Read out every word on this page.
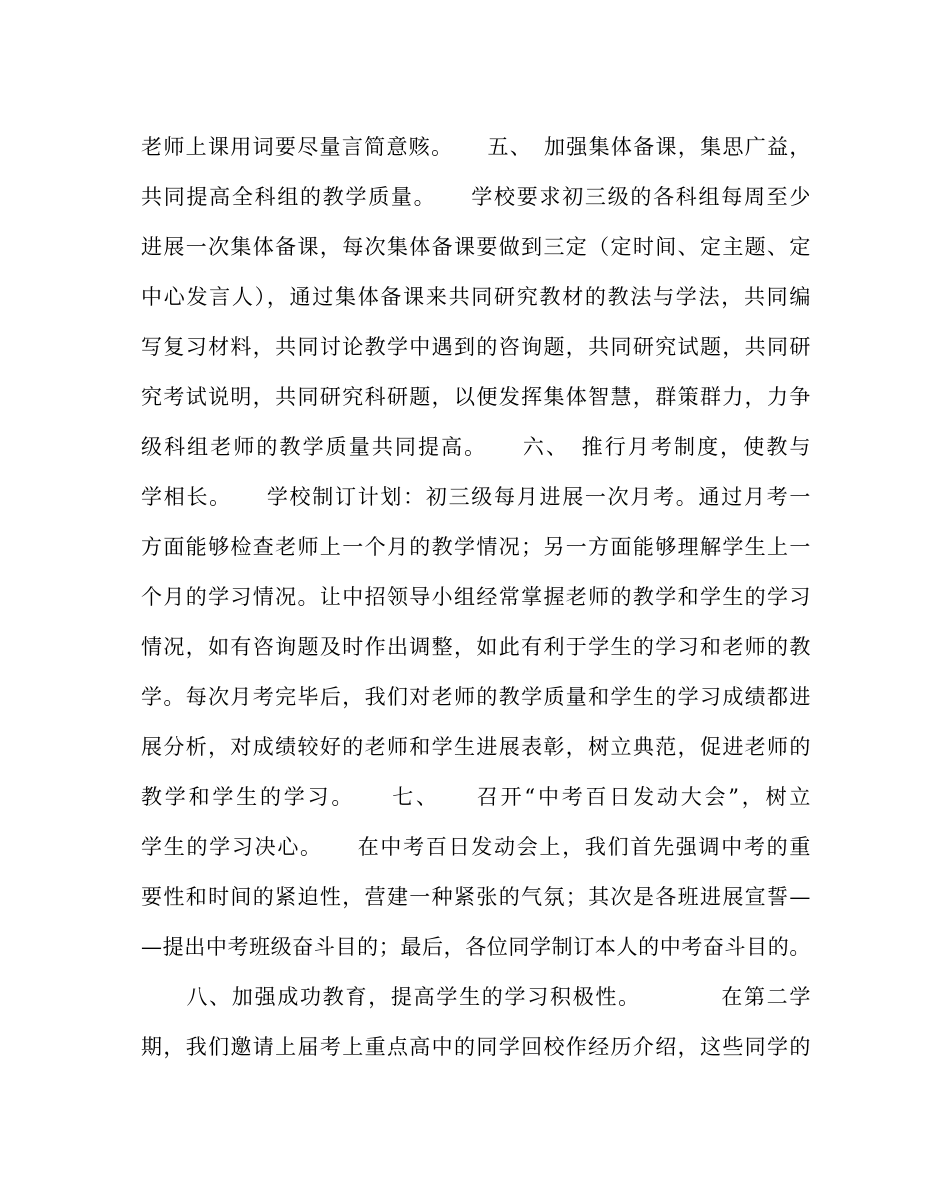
老师上课用词要尽量言简意赅。　　五、　加强集体备课，集思广益，
共同提高全科组的教学质量。　　学校要求初三级的各科组每周至少
进展一次集体备课，每次集体备课要做到三定（定时间、定主题、定
中心发言人），通过集体备课来共同研究教材的教法与学法，共同编
写复习材料，共同讨论教学中遇到的咨询题，共同研究试题，共同研
究考试说明，共同研究科研题，以便发挥集体智慧，群策群力，力争
级科组老师的教学质量共同提高。　　六、　推行月考制度，使教与
学相长。　　学校制订计划：初三级每月进展一次月考。通过月考一
方面能够检查老师上一个月的教学情况；另一方面能够理解学生上一
个月的学习情况。让中招领导小组经常掌握老师的教学和学生的学习
情况，如有咨询题及时作出调整，如此有利于学生的学习和老师的教
学。每次月考完毕后，我们对老师的教学质量和学生的学习成绩都进
展分析，对成绩较好的老师和学生进展表彰，树立典范，促进老师的
教学和学生的学习。　　七、　　召开“中考百日发动大会”，树立
学生的学习决心。　　在中考百日发动会上，我们首先强调中考的重
要性和时间的紧迫性，营建一种紧张的气氛；其次是各班进展宣誓—
—提出中考班级奋斗目的；最后，各位同学制订本人的中考奋斗目的。
　　八、加强成功教育，提高学生的学习积极性。　　　　在第二学
期，我们邀请上届考上重点高中的同学回校作经历介绍，这些同学的
